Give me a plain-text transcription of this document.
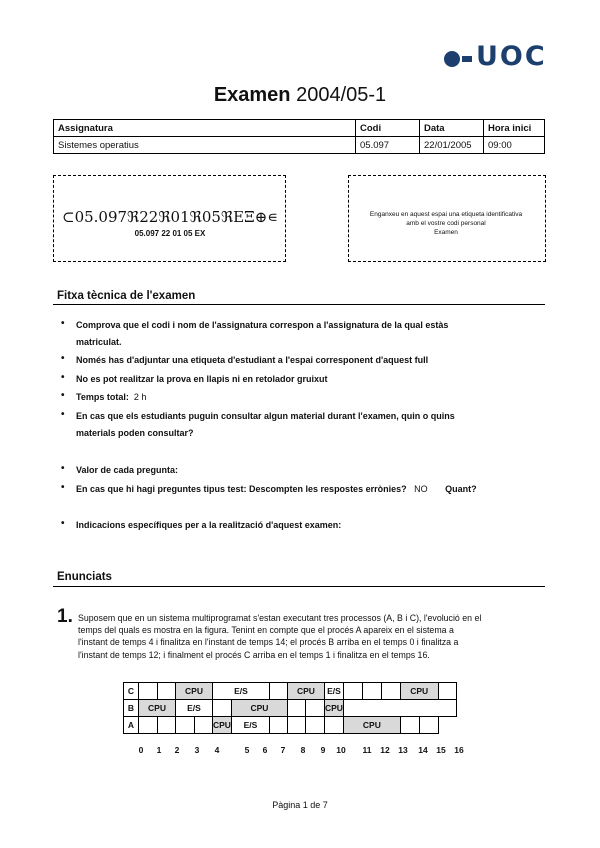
UOC
Examen 2004/05-1
Assignatura	Codi	Data	Hora inici
Sistemes operatius	05.097	22/01/2005	09:00
⊂05.097ℜ22ℜ01ℜ05ℜEΞ⊕∊
05.097 22 01 05 EX
Enganxeu en aquest espai una etiqueta identificativa
amb el vostre codi personal
Examen
Fitxa tècnica de l'examen
•	Comprova que el codi i nom de l'assignatura correspon a l'assignatura de la qual estàs
matriculat.
•	Només has d'adjuntar una etiqueta d'estudiant a l'espai corresponent d'aquest full
•	No es pot realitzar la prova en llapis ni en retolador gruixut
•	Temps total: 2 h
•	En cas que els estudiants puguin consultar algun material durant l'examen, quin o quins
materials poden consultar?
•	Valor de cada pregunta:
•	En cas que hi hagi preguntes tipus test: Descompten les respostes errònies? NO Quant?
•	Indicacions específiques per a la realització d'aquest examen:
Enunciats
1. Suposem que en un sistema multiprogramat s'estan executant tres processos (A, B i C), l'evolució en el
temps del quals es mostra en la figura. Tenint en compte que el procés A apareix en el sistema a
l'instant de temps 4 i finalitza en l'instant de temps 14; el procés B arriba en el temps 0 i finalitza a
l'instant de temps 12; i finalment el procés C arriba en el temps 1 i finalitza en el temps 16.
C			CPU		E/S			CPU		E/S				CPU		
B	CPU		E/S			CPU				CPU						
A					CPU	E/S					CPU					
0	1	2	3	4	5	6	7	8	9	10	11	12	13	14	15	16
Pàgina 1 de 7
